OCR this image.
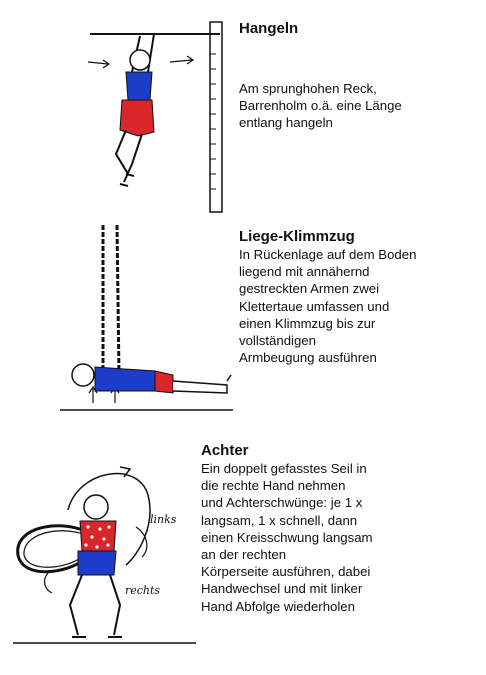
Hangeln
Am sprunghohen Reck,
Barrenholm o.ä. eine Länge
entlang hangeln
Liege-Klimmzug
In Rückenlage auf dem Boden
liegend mit annähernd
gestreckten Armen zwei
Klettertaue umfassen und
einen Klimmzug bis zur
vollständigen
Armbeugung ausführen
links
rechts
Achter
Ein doppelt gefasstes Seil in
die rechte Hand nehmen
und Achterschwünge: je 1 x
langsam, 1 x schnell, dann
einen Kreisschwung langsam
an der rechten
Körperseite ausführen, dabei
Handwechsel und mit linker
Hand Abfolge wiederholen
